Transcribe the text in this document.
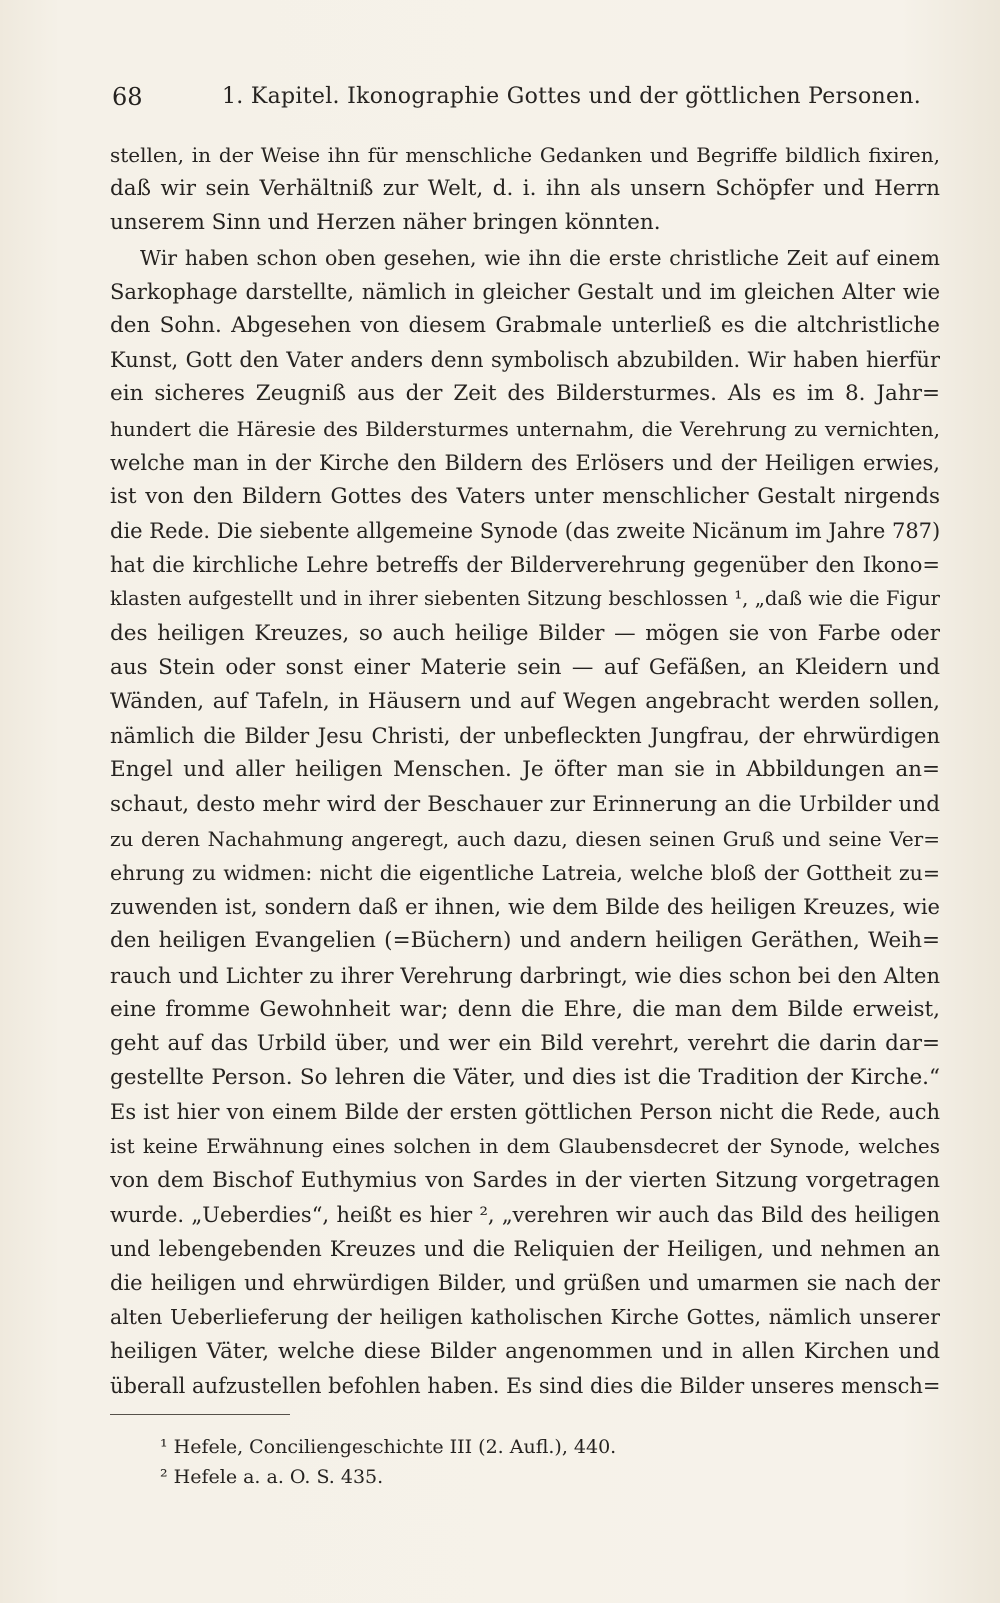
68	1. Kapitel. Ikonographie Gottes und der göttlichen Personen.
stellen, in der Weise ihn für menschliche Gedanken und Begriffe bildlich fixiren,
daß wir sein Verhältniß zur Welt, d. i. ihn als unsern Schöpfer und Herrn
unserem Sinn und Herzen näher bringen könnten.
Wir haben schon oben gesehen, wie ihn die erste christliche Zeit auf einem
Sarkophage darstellte, nämlich in gleicher Gestalt und im gleichen Alter wie
den Sohn. Abgesehen von diesem Grabmale unterließ es die altchristliche
Kunst, Gott den Vater anders denn symbolisch abzubilden. Wir haben hierfür
ein sicheres Zeugniß aus der Zeit des Bildersturmes. Als es im 8. Jahr=
hundert die Häresie des Bildersturmes unternahm, die Verehrung zu vernichten,
welche man in der Kirche den Bildern des Erlösers und der Heiligen erwies,
ist von den Bildern Gottes des Vaters unter menschlicher Gestalt nirgends
die Rede. Die siebente allgemeine Synode (das zweite Nicänum im Jahre 787)
hat die kirchliche Lehre betreffs der Bilderverehrung gegenüber den Ikono=
klasten aufgestellt und in ihrer siebenten Sitzung beschlossen ¹, „daß wie die Figur
des heiligen Kreuzes, so auch heilige Bilder — mögen sie von Farbe oder
aus Stein oder sonst einer Materie sein — auf Gefäßen, an Kleidern und
Wänden, auf Tafeln, in Häusern und auf Wegen angebracht werden sollen,
nämlich die Bilder Jesu Christi, der unbefleckten Jungfrau, der ehrwürdigen
Engel und aller heiligen Menschen. Je öfter man sie in Abbildungen an=
schaut, desto mehr wird der Beschauer zur Erinnerung an die Urbilder und
zu deren Nachahmung angeregt, auch dazu, diesen seinen Gruß und seine Ver=
ehrung zu widmen: nicht die eigentliche Latreia, welche bloß der Gottheit zu=
zuwenden ist, sondern daß er ihnen, wie dem Bilde des heiligen Kreuzes, wie
den heiligen Evangelien (=Büchern) und andern heiligen Geräthen, Weih=
rauch und Lichter zu ihrer Verehrung darbringt, wie dies schon bei den Alten
eine fromme Gewohnheit war; denn die Ehre, die man dem Bilde erweist,
geht auf das Urbild über, und wer ein Bild verehrt, verehrt die darin dar=
gestellte Person. So lehren die Väter, und dies ist die Tradition der Kirche.“
Es ist hier von einem Bilde der ersten göttlichen Person nicht die Rede, auch
ist keine Erwähnung eines solchen in dem Glaubensdecret der Synode, welches
von dem Bischof Euthymius von Sardes in der vierten Sitzung vorgetragen
wurde. „Ueberdies“, heißt es hier ², „verehren wir auch das Bild des heiligen
und lebengebenden Kreuzes und die Reliquien der Heiligen, und nehmen an
die heiligen und ehrwürdigen Bilder, und grüßen und umarmen sie nach der
alten Ueberlieferung der heiligen katholischen Kirche Gottes, nämlich unserer
heiligen Väter, welche diese Bilder angenommen und in allen Kirchen und
überall aufzustellen befohlen haben. Es sind dies die Bilder unseres mensch=
¹ Hefele, Conciliengeschichte III (2. Aufl.), 440.
² Hefele a. a. O. S. 435.
